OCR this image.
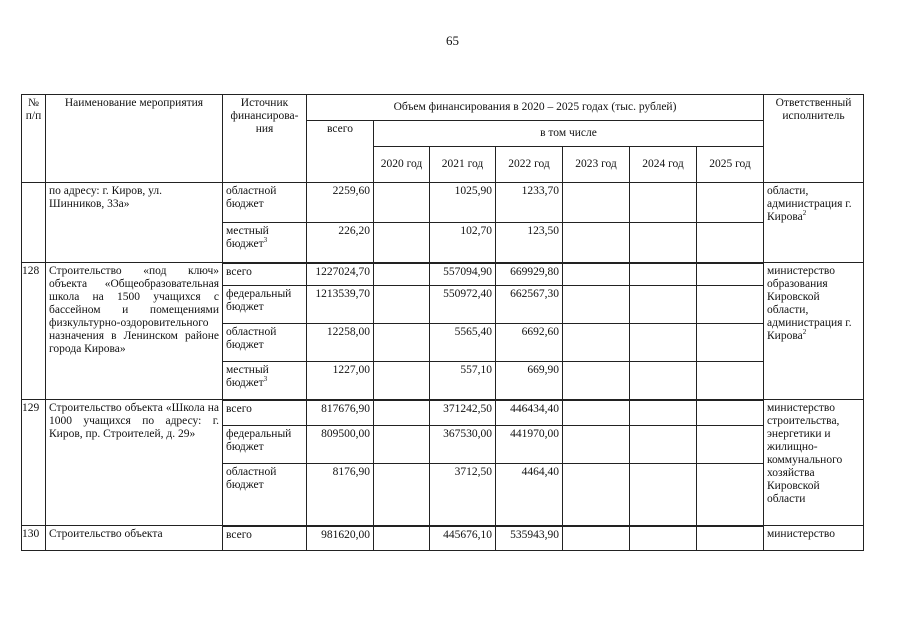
65
№ п/п	Наименование мероприятия	Источник финансирова-ния	Объем финансирования в 2020 – 2025 годах (тыс. рублей)							Ответственный исполнитель
			всего	в том числе						
				2020 год	2021 год	2022 год	2023 год	2024 год	2025 год	
	по адресу: г. Киров, ул. Шинников, 33а»	областной бюджет	2259,60		1025,90	1233,70				области, администрация г. Кирова$^2$
		местный бюджет$^3$	226,20		102,70	123,50				
128	Строительство «под ключ» объекта «Общеобразовательная школа на 1500 учащихся с бассейном и помещениями физкультурно-оздоровительного назначения в Ленинском районе города Кирова»	всего	1227024,70		557094,90	669929,80				министерство образования Кировской области, администрация г. Кирова$^2$
		федеральный бюджет	1213539,70		550972,40	662567,30				
		областной бюджет	12258,00		5565,40	6692,60				
		местный бюджет$^3$	1227,00		557,10	669,90				
129	Строительство объекта «Школа на 1000 учащихся по адресу: г. Киров, пр. Строителей, д. 29»	всего	817676,90		371242,50	446434,40				министерство строительства, энергетики и жилищно-коммунального хозяйства Кировской области
		федеральный бюджет	809500,00		367530,00	441970,00				
		областной бюджет	8176,90		3712,50	4464,40				
130	Строительство объекта	всего	981620,00		445676,10	535943,90				министерство
